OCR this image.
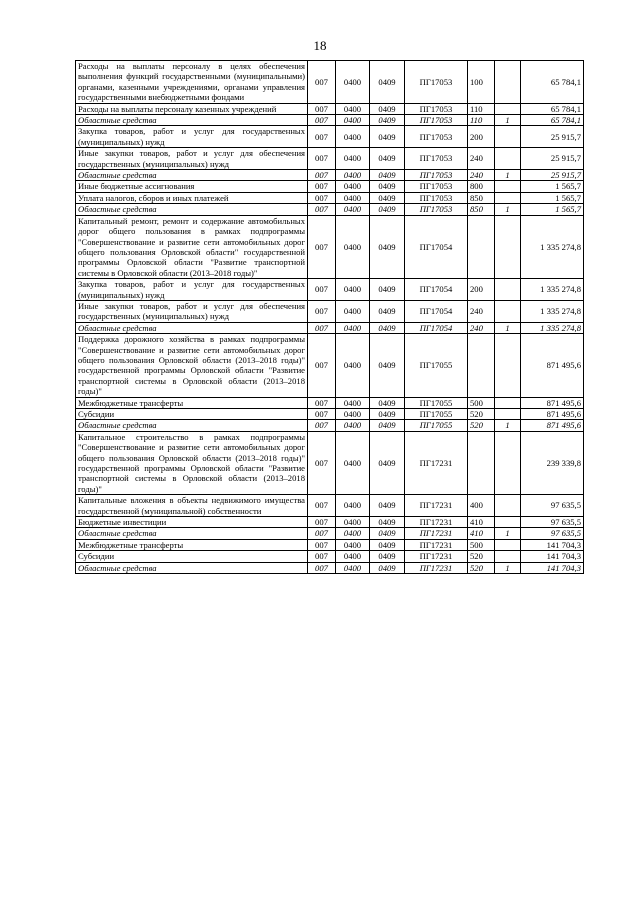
18
Расходы на выплаты персоналу в целях обеспечения выполнения функций государственными (муниципальными) органами, казенными учреждениями, органами управления государственными внебюджетными фондами	007	0400	0409	ПГ17053	100		65 784,1
Расходы на выплаты персоналу казенных учреждений	007	0400	0409	ПГ17053	110		65 784,1
Областные средства	007	0400	0409	ПГ17053	110	1	65 784,1
Закупка товаров, работ и услуг для государственных (муниципальных) нужд	007	0400	0409	ПГ17053	200		25 915,7
Иные закупки товаров, работ и услуг для обеспечения государственных (муниципальных) нужд	007	0400	0409	ПГ17053	240		25 915,7
Областные средства	007	0400	0409	ПГ17053	240	1	25 915,7
Иные бюджетные ассигнования	007	0400	0409	ПГ17053	800		1 565,7
Уплата налогов, сборов и иных платежей	007	0400	0409	ПГ17053	850		1 565,7
Областные средства	007	0400	0409	ПГ17053	850	1	1 565,7
Капитальный ремонт, ремонт и содержание автомобильных дорог общего пользования в рамках подпрограммы "Совершенствование и развитие сети автомобильных дорог общего пользования Орловской области" государственной программы Орловской области "Развитие транспортной системы в Орловской области (2013–2018 годы)"	007	0400	0409	ПГ17054			1 335 274,8
Закупка товаров, работ и услуг для государственных (муниципальных) нужд	007	0400	0409	ПГ17054	200		1 335 274,8
Иные закупки товаров, работ и услуг для обеспечения государственных (муниципальных) нужд	007	0400	0409	ПГ17054	240		1 335 274,8
Областные средства	007	0400	0409	ПГ17054	240	1	1 335 274,8
Поддержка дорожного хозяйства в рамках подпрограммы "Совершенствование и развитие сети автомобильных дорог общего пользования Орловской области (2013–2018 годы)" государственной программы Орловской области "Развитие транспортной системы в Орловской области (2013–2018 годы)"	007	0400	0409	ПГ17055			871 495,6
Межбюджетные трансферты	007	0400	0409	ПГ17055	500		871 495,6
Субсидии	007	0400	0409	ПГ17055	520		871 495,6
Областные средства	007	0400	0409	ПГ17055	520	1	871 495,6
Капитальное строительство в рамках подпрограммы "Совершенствование и развитие сети автомобильных дорог общего пользования Орловской области (2013–2018 годы)" государственной программы Орловской области "Развитие транспортной системы в Орловской области (2013–2018 годы)"	007	0400	0409	ПГ17231			239 339,8
Капитальные вложения в объекты недвижимого имущества государственной (муниципальной) собственности	007	0400	0409	ПГ17231	400		97 635,5
Бюджетные инвестиции	007	0400	0409	ПГ17231	410		97 635,5
Областные средства	007	0400	0409	ПГ17231	410	1	97 635,5
Межбюджетные трансферты	007	0400	0409	ПГ17231	500		141 704,3
Субсидии	007	0400	0409	ПГ17231	520		141 704,3
Областные средства	007	0400	0409	ПГ17231	520	1	141 704,3
